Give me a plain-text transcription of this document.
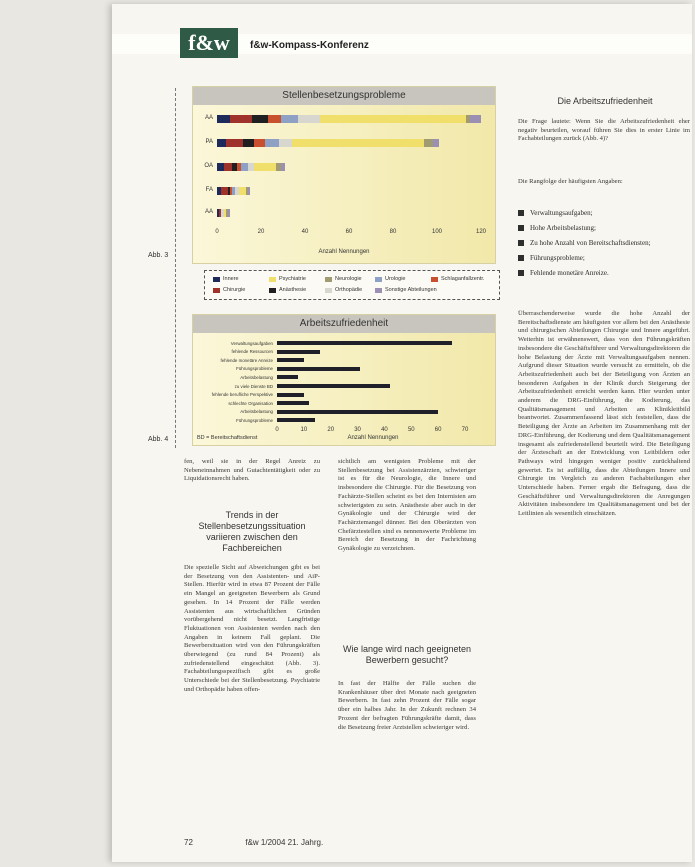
f&w	f&w-Kompass-Konferenz
Abb. 3
Stellenbesetzungsprobleme
AA
PA
OA
FA
AA
0	20	40	60	80	100	120
Anzahl Nennungen
Innere	Psychiatrie	Neurologie	Urologie	Schlaganfallzentr.
Chirurgie	Anästhesie	Orthopädie	Sonstige Abteilungen
Abb. 4
Arbeitszufriedenheit
Verwaltungsaufgaben
fehlende Ressourcen
fehlende monetäre Anreize
Führungsprobleme
Arbeitsbelastung
zu viele Dienste BD
fehlende berufliche Perspektive
schlechte Organisation
Arbeitsbelastung
Führungsprobleme
0	10	20	30	40	50	60	70
Anzahl Nennungen
BD = Bereitschaftsdienst
fen, weil sie in der Regel Anreiz zu Nebeneinnahmen und Gutachtentätigkeit oder zu Liquidationsrecht haben.
Trends in der Stellenbesetzungssituation variieren zwischen den Fachbereichen
Die spezielle Sicht auf Abweichungen gibt es bei der Besetzung von den Assistenten- und AiP-Stellen. Hierfür wird in etwa 87 Prozent der Fälle ein Mangel an geeigneten Bewerbern als Grund gesehen. In 14 Prozent der Fälle werden Assistenten aus wirtschaftlichen Gründen vorübergehend nicht besetzt. Langfristige Fluktuationen von Assistenten werden nach den Angaben in keinem Fall geplant. Die Bewerbersituation wird von den Führungskräften überwiegend (zu rund 84 Prozent) als zufriedenstellend eingeschätzt (Abb. 3). Fachabteilungsspezifisch gibt es große Unterschiede bei der Stellenbesetzung. Psychiatrie und Orthopädie haben offen-
sichtlich am wenigsten Probleme mit der Stellenbesetzung bei Assistenzärzten, schwieriger ist es für die Neurologie, die Innere und insbesondere die Chirurgie. Für die Besetzung von Fachärzte-Stellen scheint es bei den Internisten am schwierigsten zu sein. Anästhesie aber auch in der Gynäkologie und der Chirurgie wird der Fachärztemangel dünner. Bei den Oberärzten von Chefärztestellen sind es nennenswerte Probleme im Bereich der Besetzung in der Fachrichtung Gynäkologie zu verzeichnen.
Wie lange wird nach geeigneten Bewerbern gesucht?
In fast der Hälfte der Fälle suchen die Krankenhäuser über drei Monate nach geeigneten Bewerbern. In fast zehn Prozent der Fälle sogar über ein halbes Jahr. In der Zukunft rechnen 34 Prozent der befragten Führungskräfte damit, dass die Besetzung freier Arztstellen schwieriger wird.
Die Arbeitszufriedenheit
Die Frage lautete: Wenn Sie die Arbeitszufriedenheit eher negativ beurteilen, worauf führen Sie dies in erster Linie im Fachabteilungen zurück (Abb. 4)?
Die Rangfolge der häufigsten Angaben:
Verwaltungsaufgaben;
Hohe Arbeitsbelastung;
Zu hohe Anzahl von Bereitschaftsdiensten;
Führungsprobleme;
Fehlende monetäre Anreize.
Überraschenderweise wurde die hohe Anzahl der Bereitschaftsdienste am häufigsten vor allem bei den Anästhesie und chirurgischen Abteilungen Chirurgie und Innere angeführt. Weiterhin ist erwähnenswert, dass von den Führungskräften insbesondere die Geschäftsführer und Verwaltungsdirektoren die hohe Belastung der Ärzte mit Verwaltungsaufgaben nennen. Aufgrund dieser Situation wurde versucht zu ermitteln, ob die Arbeitszufriedenheit auch bei der Beteiligung von Ärzten an besonderen Aufgaben in der Klinik durch Steigerung der Arbeitszufriedenheit erreicht werden kann. Hier wurden unter anderem die DRG-Einführung, die Kodierung, das Qualitätsmanagement und Arbeiten am Klinikleitbild beantwortet. Zusammenfassend lässt sich feststellen, dass die Beteiligung der Ärzte an Arbeiten im Zusammenhang mit der DRG-Einführung, der Kodierung und dem Qualitätsmanagement insgesamt als zufriedenstellend beurteilt wird. Die Beteiligung der Ärzteschaft an der Entwicklung von Leitbildern oder Pathways wird hingegen weniger positiv zurückhaltend gewertet. Es ist auffällig, dass die Abteilungen Innere und Chirurgie im Vergleich zu anderen Fachabteilungen eher Unterschiede haben. Ferner ergab die Befragung, dass die Geschäftsführer und Verwaltungsdirektoren die Anregungen Aktivitäten insbesondere im Qualitätsmanagement und bei der Leitlinien als wesentlich einschätzen.
72	f&w 1/2004 21. Jahrg.
